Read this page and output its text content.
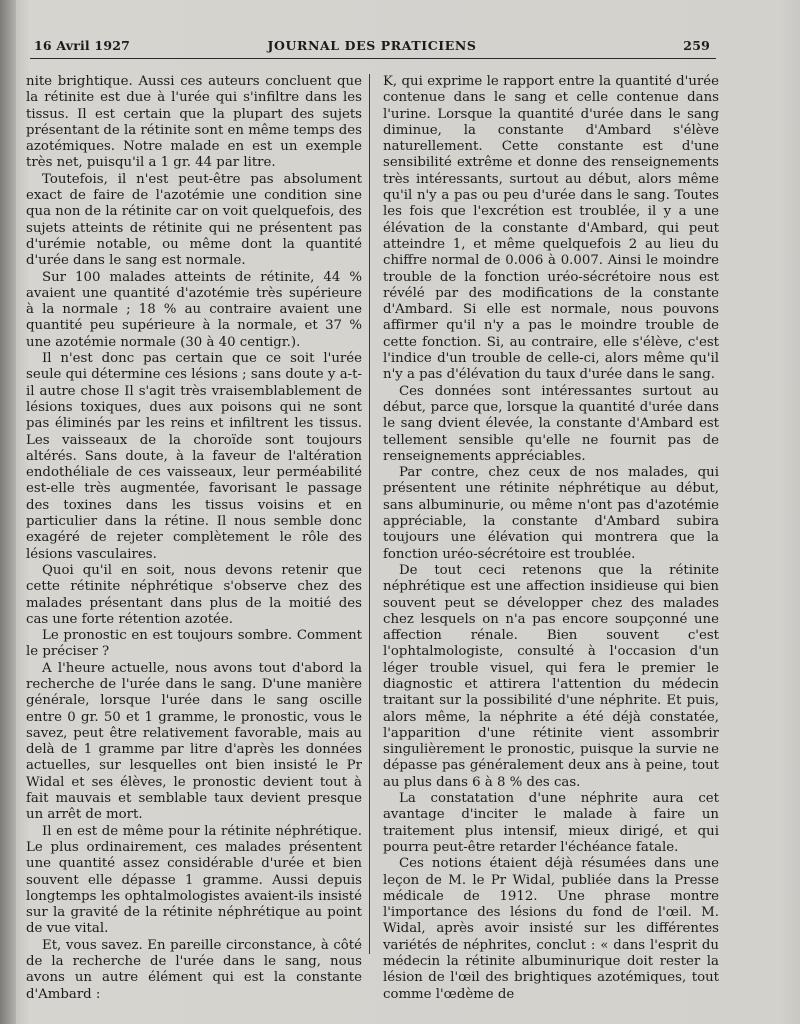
16 Avril 1927	JOURNAL DES PRATICIENS	259

nite brightique. Aussi ces auteurs concluent que la rétinite est due à l'urée qui s'infiltre dans les tissus. Il est certain que la plupart des sujets présentant de la rétinite sont en même temps des azotémiques. Notre malade en est un exemple très net, puisqu'il a 1 gr. 44 par litre.

Toutefois, il n'est peut-être pas absolument exact de faire de l'azotémie une condition sine qua non de la rétinite car on voit quelquefois, des sujets atteints de rétinite qui ne présentent pas d'urémie notable, ou même dont la quantité d'urée dans le sang est normale.

Sur 100 malades atteints de rétinite, 44 % avaient une quantité d'azotémie très supérieure à la normale ; 18 % au contraire avaient une quantité peu supérieure à la normale, et 37 % une azotémie normale (30 à 40 centigr.).

Il n'est donc pas certain que ce soit l'urée seule qui détermine ces lésions ; sans doute y a-t-il autre chose Il s'agit très vraisemblablement de lésions toxiques, dues aux poisons qui ne sont pas éliminés par les reins et infiltrent les tissus. Les vaisseaux de la choroïde sont toujours altérés. Sans doute, à la faveur de l'altération endothéliale de ces vaisseaux, leur perméabilité est-elle très augmentée, favorisant le passage des toxines dans les tissus voisins et en particulier dans la rétine. Il nous semble donc exagéré de rejeter complètement le rôle des lésions vasculaires.

Quoi qu'il en soit, nous devons retenir que cette rétinite néphrétique s'observe chez des malades présentant dans plus de la moitié des cas une forte rétention azotée.

Le pronostic en est toujours sombre. Comment le préciser ?

A l'heure actuelle, nous avons tout d'abord la recherche de l'urée dans le sang. D'une manière générale, lorsque l'urée dans le sang oscille entre 0 gr. 50 et 1 gramme, le pronostic, vous le savez, peut être relativement favorable, mais au delà de 1 gramme par litre d'après les données actuelles, sur lesquelles ont bien insisté le Pr Widal et ses élèves, le pronostic devient tout à fait mauvais et semblable taux devient presque un arrêt de mort.

Il en est de même pour la rétinite néphrétique. Le plus ordinairement, ces malades présentent une quantité assez considérable d'urée et bien souvent elle dépasse 1 gramme. Aussi depuis longtemps les ophtalmologistes avaient-ils insisté sur la gravité de la rétinite néphrétique au point de vue vital.

Et, vous savez. En pareille circonstance, à côté de la recherche de l'urée dans le sang, nous avons un autre élément qui est la constante d'Ambard :

K, qui exprime le rapport entre la quantité d'urée contenue dans le sang et celle contenue dans l'urine. Lorsque la quantité d'urée dans le sang diminue, la constante d'Ambard s'élève naturellement. Cette constante est d'une sensibilité extrême et donne des renseignements très intéressants, surtout au début, alors même qu'il n'y a pas ou peu d'urée dans le sang. Toutes les fois que l'excrétion est troublée, il y a une élévation de la constante d'Ambard, qui peut atteindre 1, et même quelquefois 2 au lieu du chiffre normal de 0.006 à 0.007. Ainsi le moindre trouble de la fonction uréo-sécrétoire nous est révélé par des modifications de la constante d'Ambard. Si elle est normale, nous pouvons affirmer qu'il n'y a pas le moindre trouble de cette fonction. Si, au contraire, elle s'élève, c'est l'indice d'un trouble de celle-ci, alors même qu'il n'y a pas d'élévation du taux d'urée dans le sang.

Ces données sont intéressantes surtout au début, parce que, lorsque la quantité d'urée dans le sang dvient élevée, la constante d'Ambard est tellement sensible qu'elle ne fournit pas de renseignements appréciables.

Par contre, chez ceux de nos malades, qui présentent une rétinite néphrétique au début, sans albuminurie, ou même n'ont pas d'azotémie appréciable, la constante d'Ambard subira toujours une élévation qui montrera que la fonction uréo-sécrétoire est troublée.

De tout ceci retenons que la rétinite néphrétique est une affection insidieuse qui bien souvent peut se développer chez des malades chez lesquels on n'a pas encore soupçonné une affection rénale. Bien souvent c'est l'ophtalmologiste, consulté à l'occasion d'un léger trouble visuel, qui fera le premier le diagnostic et attirera l'attention du médecin traitant sur la possibilité d'une néphrite. Et puis, alors même, la néphrite a été déjà constatée, l'apparition d'une rétinite vient assombrir singulièrement le pronostic, puisque la survie ne dépasse pas généralement deux ans à peine, tout au plus dans 6 à 8 % des cas.

La constatation d'une néphrite aura cet avantage d'inciter le malade à faire un traitement plus intensif, mieux dirigé, et qui pourra peut-être retarder l'échéance fatale.

Ces notions étaient déjà résumées dans une leçon de M. le Pr Widal, publiée dans la Presse médicale de 1912. Une phrase montre l'importance des lésions du fond de l'œil. M. Widal, après avoir insisté sur les différentes variétés de néphrites, conclut : « dans l'esprit du médecin la rétinite albuminurique doit rester la lésion de l'œil des brightiques azotémiques, tout comme l'œdème de
